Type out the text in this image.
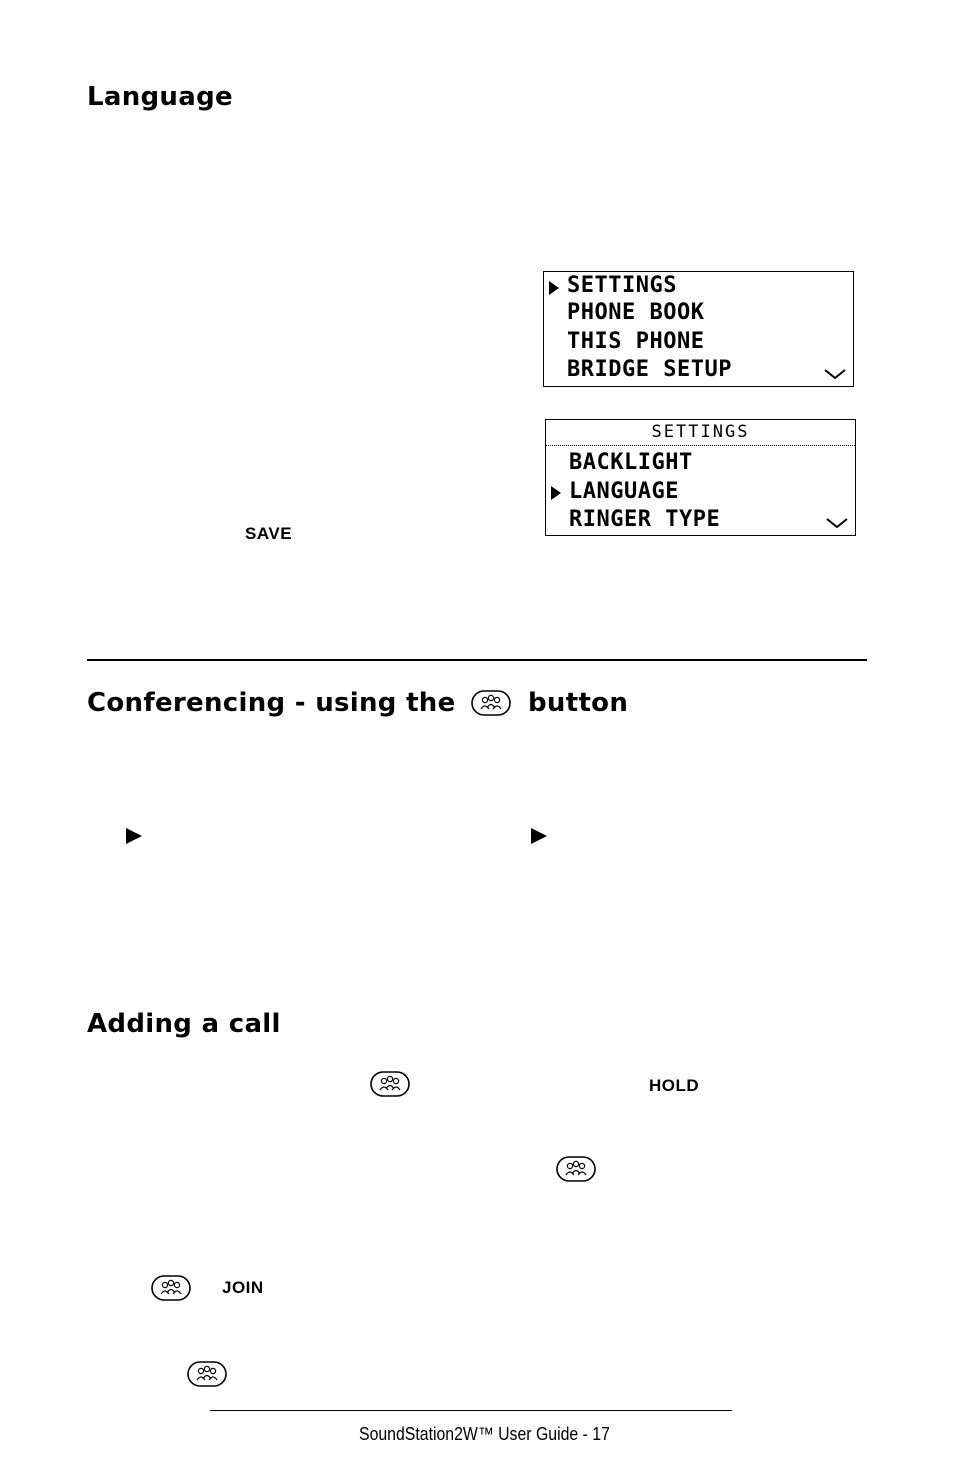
Language
SETTINGS
PHONE BOOK
THIS PHONE
BRIDGE SETUP
SETTINGS
BACKLIGHT
LANGUAGE
RINGER TYPE
SAVE
Conferencing - using the	button
Adding a call
HOLD
JOIN
SoundStation2W™ User Guide - 17
